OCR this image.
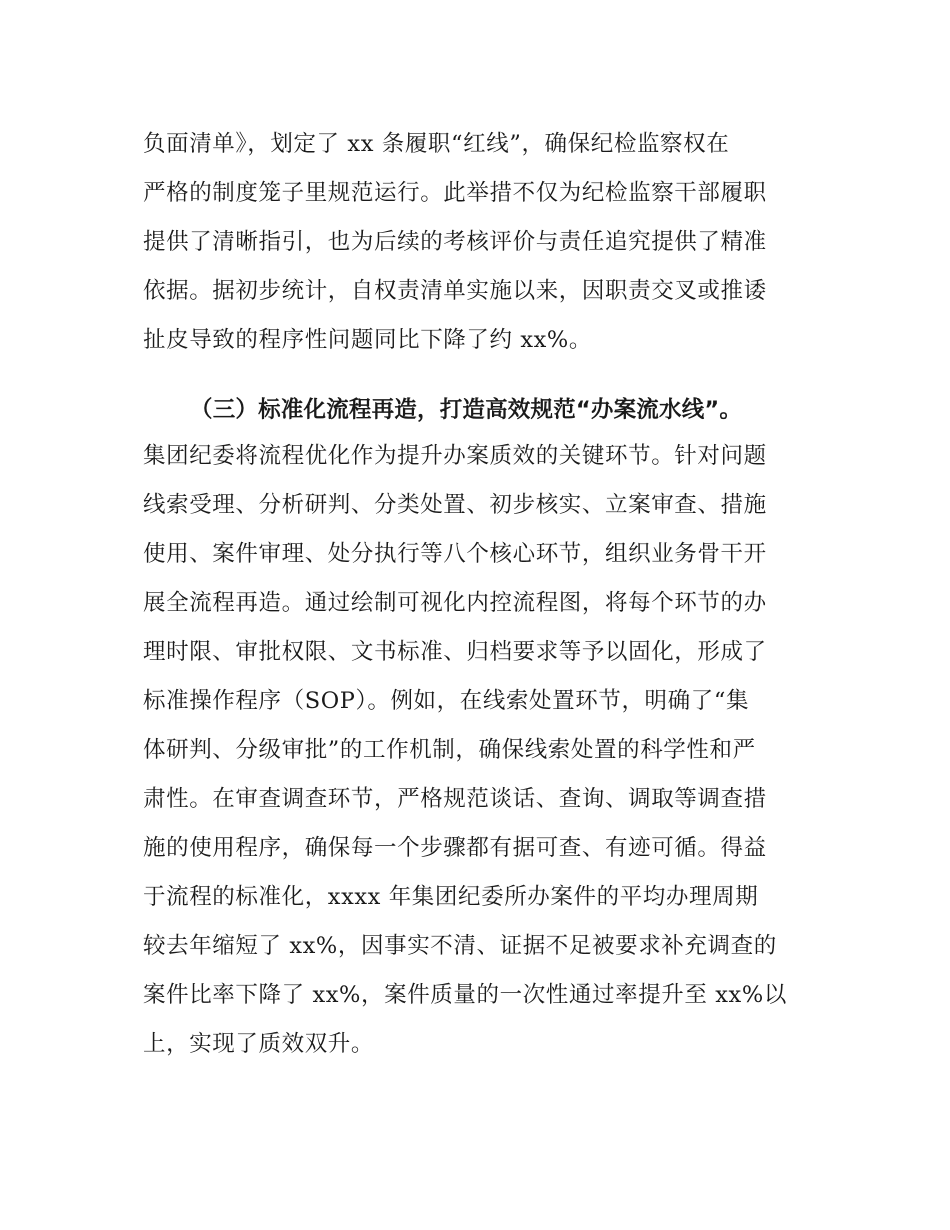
负面清单》，划定了 xx 条履职“红线”，确保纪检监察权在
严格的制度笼子里规范运行。此举措不仅为纪检监察干部履职
提供了清晰指引，也为后续的考核评价与责任追究提供了精准
依据。据初步统计，自权责清单实施以来，因职责交叉或推诿
扯皮导致的程序性问题同比下降了约 xx%。
（三）标准化流程再造，打造高效规范“办案流水线”。
集团纪委将流程优化作为提升办案质效的关键环节。针对问题
线索受理、分析研判、分类处置、初步核实、立案审查、措施
使用、案件审理、处分执行等八个核心环节，组织业务骨干开
展全流程再造。通过绘制可视化内控流程图，将每个环节的办
理时限、审批权限、文书标准、归档要求等予以固化，形成了
标准操作程序（SOP）。例如，在线索处置环节，明确了“集
体研判、分级审批”的工作机制，确保线索处置的科学性和严
肃性。在审查调查环节，严格规范谈话、查询、调取等调查措
施的使用程序，确保每一个步骤都有据可查、有迹可循。得益
于流程的标准化，xxxx 年集团纪委所办案件的平均办理周期
较去年缩短了 xx%，因事实不清、证据不足被要求补充调查的
案件比率下降了 xx%，案件质量的一次性通过率提升至 xx%以
上，实现了质效双升。
